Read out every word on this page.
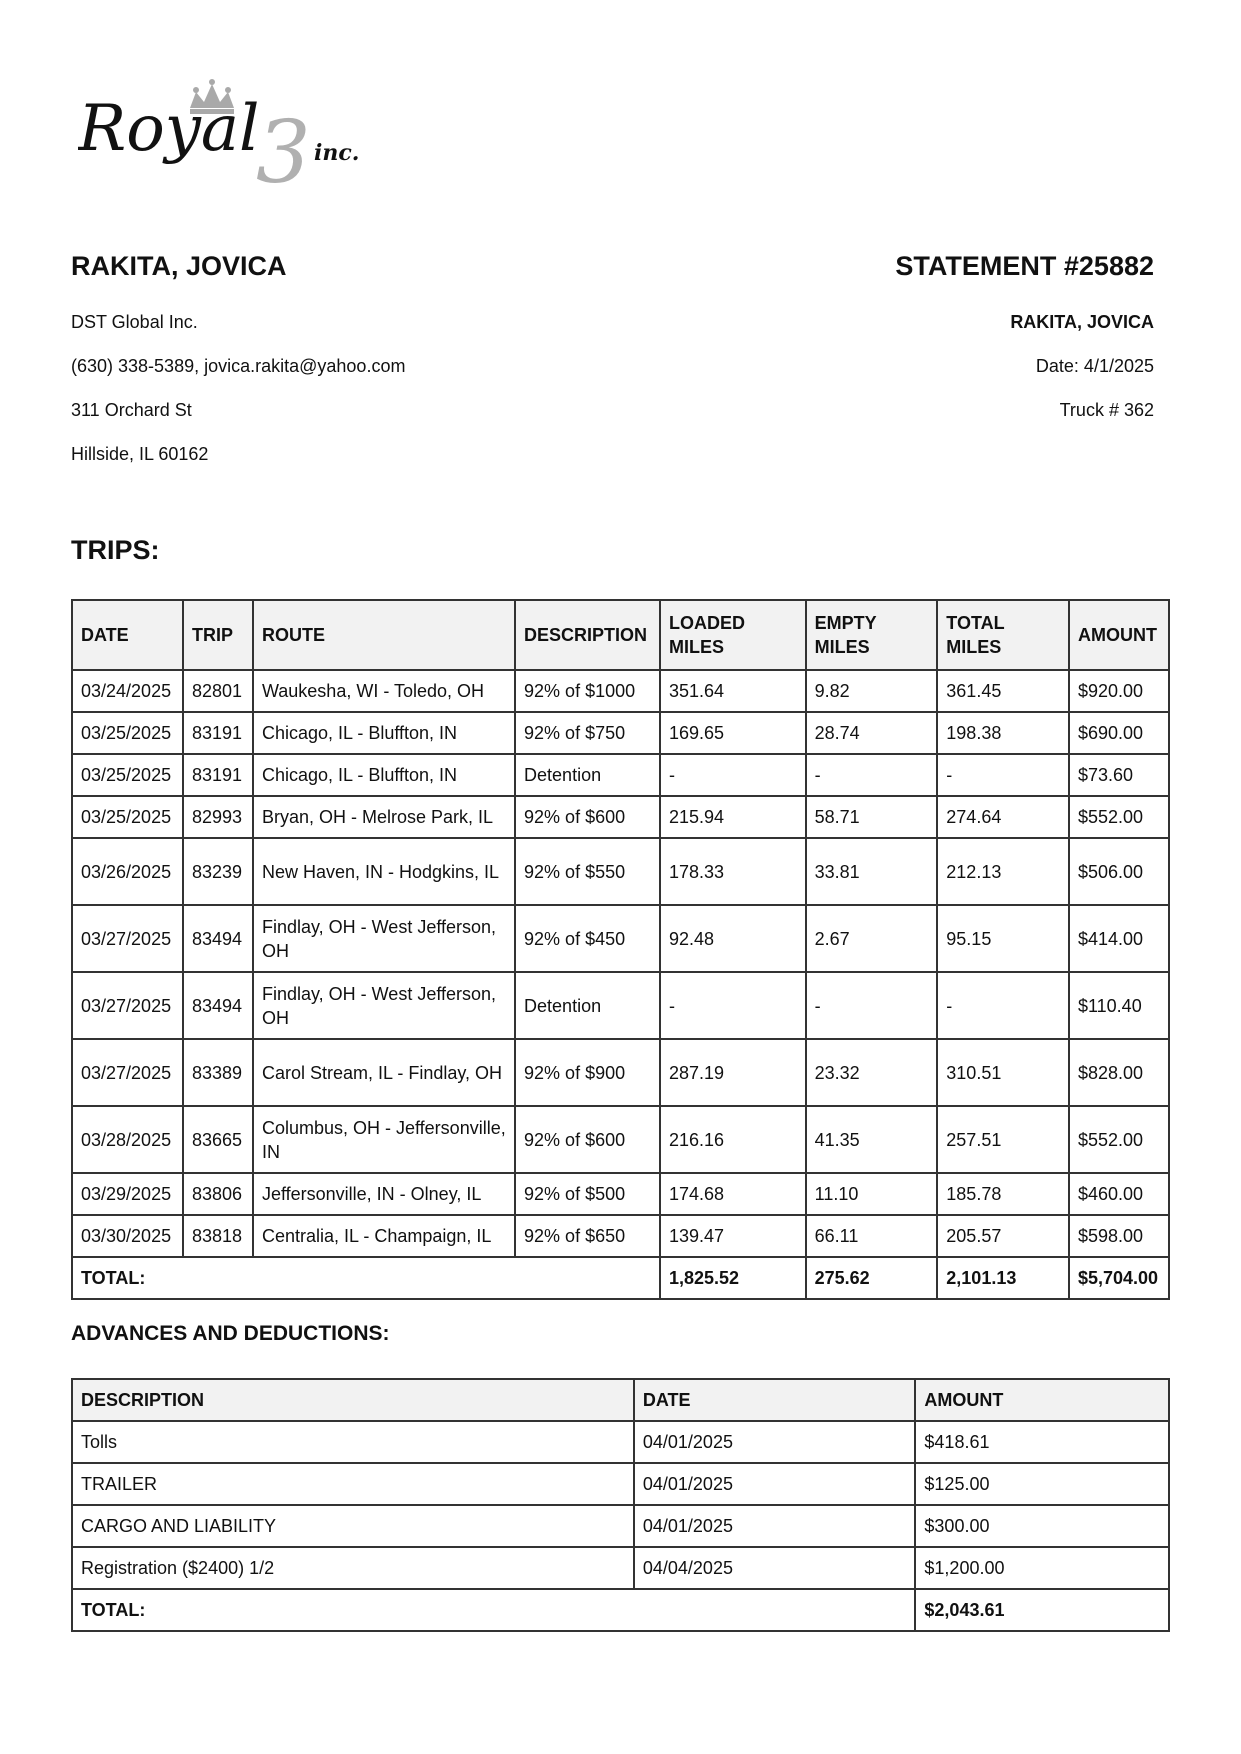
Royal
3 inc.
RAKITA, JOVICA	STATEMENT #25882
DST Global Inc.
(630) 338-5389, jovica.rakita@yahoo.com
311 Orchard St
Hillside, IL 60162
RAKITA, JOVICA
Date: 4/1/2025
Truck # 362
TRIPS:
DATE	TRIP	ROUTE	DESCRIPTION	LOADED MILES	EMPTY MILES	TOTAL MILES	AMOUNT
03/24/2025	82801	Waukesha, WI - Toledo, OH	92% of $1000	351.64	9.82	361.45	$920.00
03/25/2025	83191	Chicago, IL - Bluffton, IN	92% of $750	169.65	28.74	198.38	$690.00
03/25/2025	83191	Chicago, IL - Bluffton, IN	Detention	-	-	-	$73.60
03/25/2025	82993	Bryan, OH - Melrose Park, IL	92% of $600	215.94	58.71	274.64	$552.00
03/26/2025	83239	New Haven, IN - Hodgkins, IL	92% of $550	178.33	33.81	212.13	$506.00
03/27/2025	83494	Findlay, OH - West Jefferson, OH	92% of $450	92.48	2.67	95.15	$414.00
03/27/2025	83494	Findlay, OH - West Jefferson, OH	Detention	-	-	-	$110.40
03/27/2025	83389	Carol Stream, IL - Findlay, OH	92% of $900	287.19	23.32	310.51	$828.00
03/28/2025	83665	Columbus, OH - Jeffersonville, IN	92% of $600	216.16	41.35	257.51	$552.00
03/29/2025	83806	Jeffersonville, IN - Olney, IL	92% of $500	174.68	11.10	185.78	$460.00
03/30/2025	83818	Centralia, IL - Champaign, IL	92% of $650	139.47	66.11	205.57	$598.00
TOTAL:				1,825.52	275.62	2,101.13	$5,704.00
ADVANCES AND DEDUCTIONS:
DESCRIPTION	DATE	AMOUNT
Tolls	04/01/2025	$418.61
TRAILER	04/01/2025	$125.00
CARGO AND LIABILITY	04/01/2025	$300.00
Registration ($2400) 1/2	04/04/2025	$1,200.00
TOTAL:		$2,043.61
